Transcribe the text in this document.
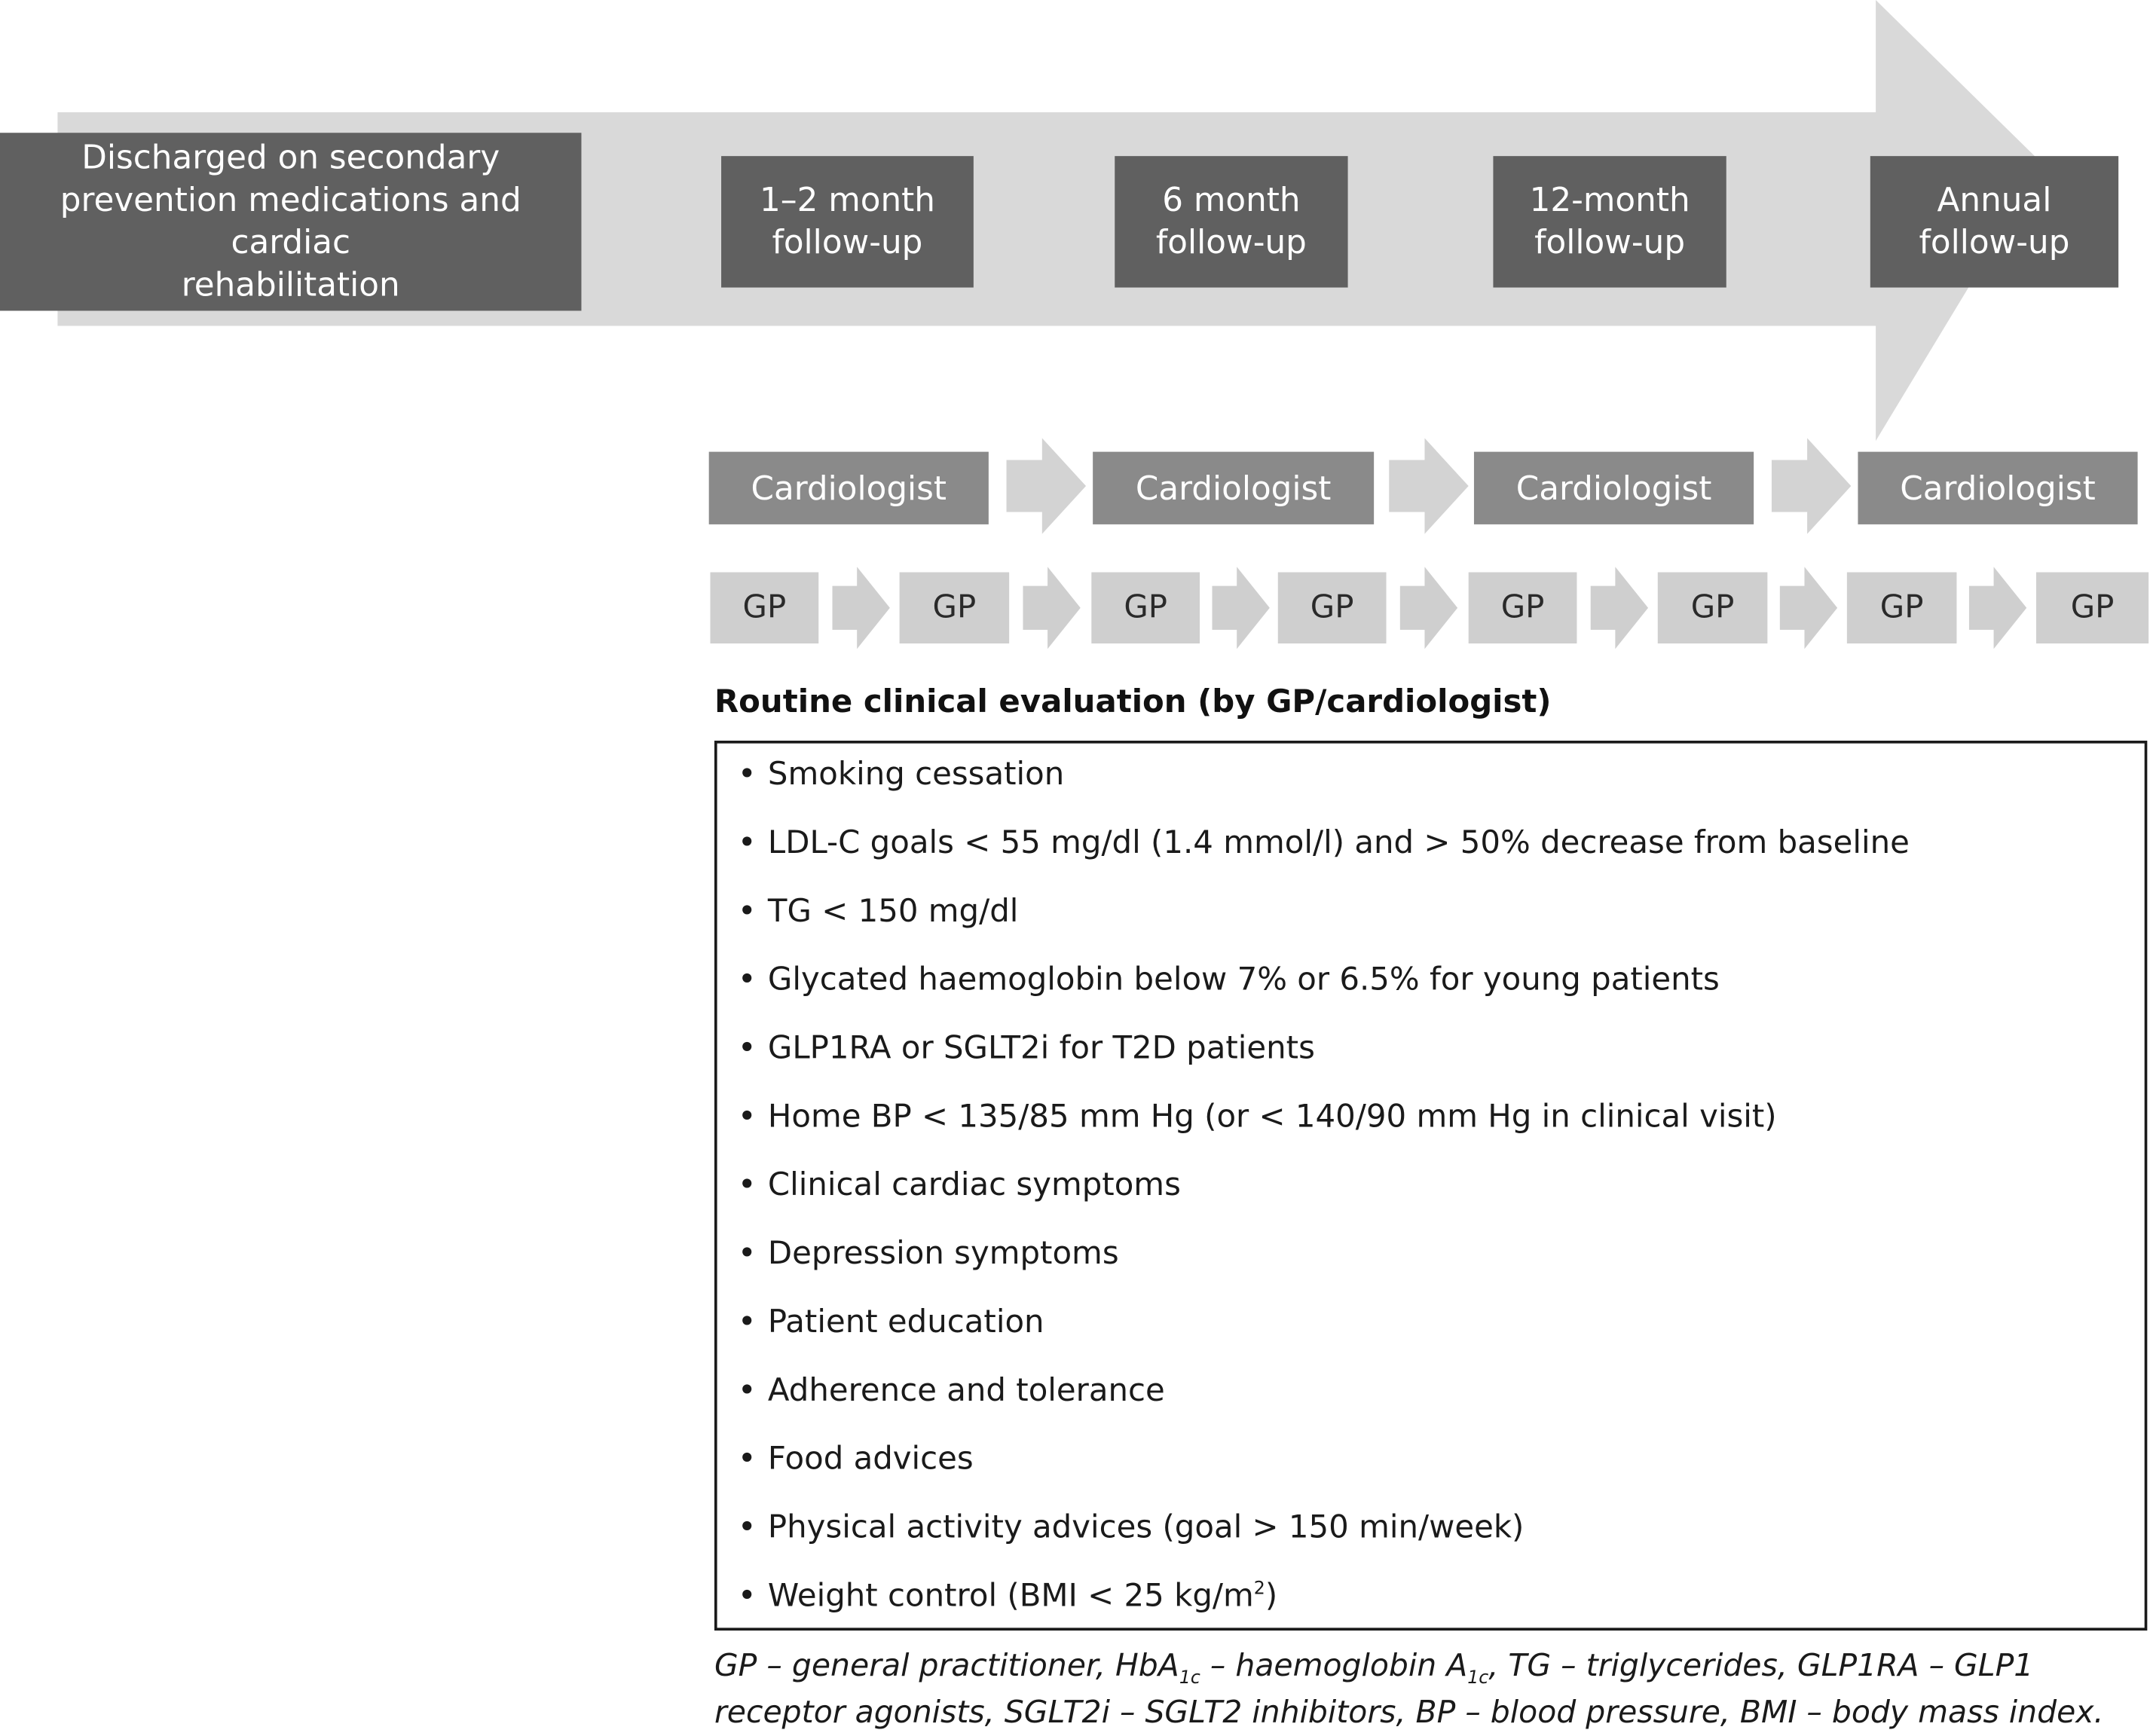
Discharged on secondary
prevention medications and cardiac
rehabilitation
1–2 month
follow-up
6 month
follow-up
12-month
follow-up
Annual
follow-up
Cardiologist	Cardiologist	Cardiologist	Cardiologist
GP	GP	GP	GP	GP	GP	GP	GP
Routine clinical evaluation (by GP/cardiologist)
• Smoking cessation
• LDL-C goals < 55 mg/dl (1.4 mmol/l) and > 50% decrease from baseline
• TG < 150 mg/dl
• Glycated haemoglobin below 7% or 6.5% for young patients
• GLP1RA or SGLT2i for T2D patients
• Home BP < 135/85 mm Hg (or < 140/90 mm Hg in clinical visit)
• Clinical cardiac symptoms
• Depression symptoms
• Patient education
• Adherence and tolerance
• Food advices
• Physical activity advices (goal > 150 min/week)
• Weight control (BMI < 25 $kg/m^2$)
GP – general practitioner, HbA$_{1c}$ – haemoglobin $A_{1c}$, TG – triglycerides, GLP1RA – GLP1
receptor agonists, SGLT2i – SGLT2 inhibitors, BP – blood pressure, BMI – body mass index.
